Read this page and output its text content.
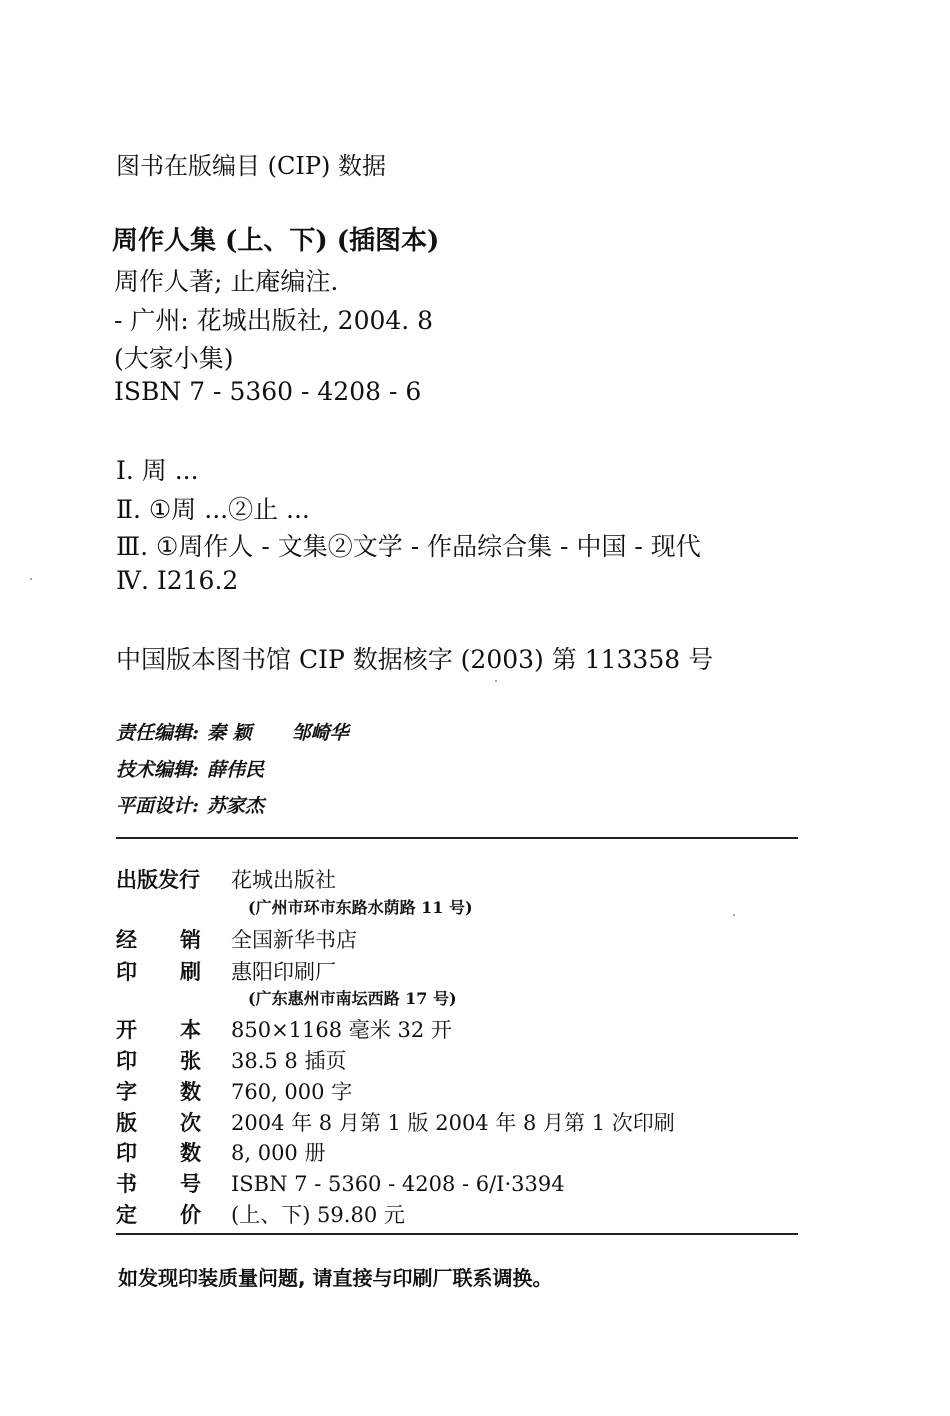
图书在版编目 (CIP) 数据
周作人集 (上、下) (插图本)
周作人著; 止庵编注.
- 广州: 花城出版社, 2004. 8
(大家小集)
ISBN 7 - 5360 - 4208 - 6
Ⅰ. 周 ...
Ⅱ. ①周 ...②止 ...
Ⅲ. ①周作人 - 文集②文学 - 作品综合集 - 中国 - 现代
Ⅳ. I216.2
中国版本图书馆 CIP 数据核字 (2003) 第 113358 号
责任编辑: 秦 颖 邹崎华
技术编辑: 薛伟民
平面设计: 苏家杰
出版发行 花城出版社
(广州市环市东路水荫路 11 号)
经销全国新华书店
印刷惠阳印刷厂
(广东惠州市南坛西路 17 号)
开本850×1168 毫米 32 开
印张38.5 8 插页
字数760, 000 字
版次2004 年 8 月第 1 版 2004 年 8 月第 1 次印刷
印数8, 000 册
书号ISBN 7 - 5360 - 4208 - 6/I·3394
定价(上、下) 59.80 元
如发现印装质量问题, 请直接与印刷厂联系调换。
